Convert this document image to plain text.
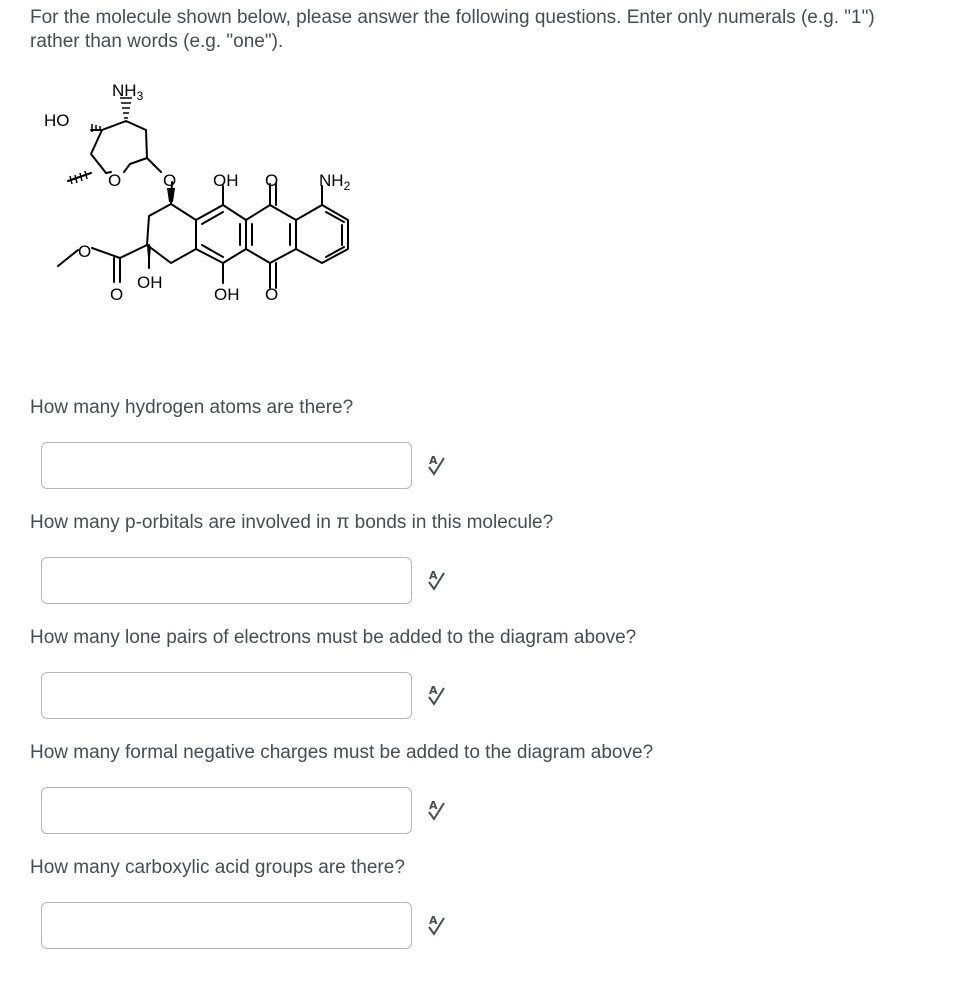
For the molecule shown below, please answer the following questions. Enter only numerals (e.g. "1") rather than words (e.g. "one").

$NH_3$
HO
O O OH O $NH_2$
O
O
OH
OH O

How many hydrogen atoms are there?

A

How many p-orbitals are involved in π bonds in this molecule?

A

How many lone pairs of electrons must be added to the diagram above?

A

How many formal negative charges must be added to the diagram above?

A

How many carboxylic acid groups are there?

A
